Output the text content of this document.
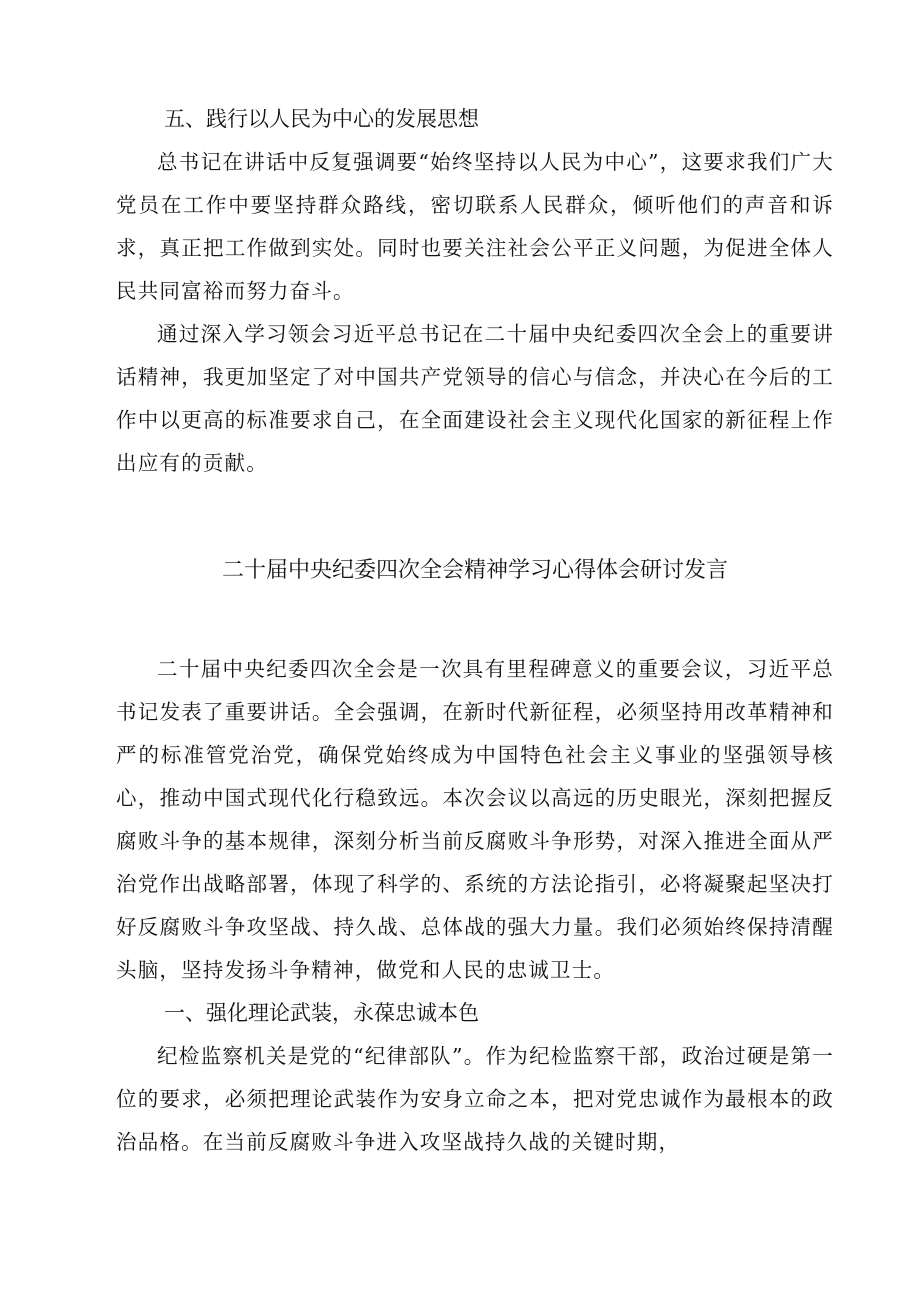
五、践行以人民为中心的发展思想

总书记在讲话中反复强调要“始终坚持以人民为中心”，这要求我们广大党员在工作中要坚持群众路线，密切联系人民群众，倾听他们的声音和诉求，真正把工作做到实处。同时也要关注社会公平正义问题，为促进全体人民共同富裕而努力奋斗。

通过深入学习领会习近平总书记在二十届中央纪委四次全会上的重要讲话精神，我更加坚定了对中国共产党领导的信心与信念，并决心在今后的工作中以更高的标准要求自己，在全面建设社会主义现代化国家的新征程上作出应有的贡献。

二十届中央纪委四次全会精神学习心得体会研讨发言

二十届中央纪委四次全会是一次具有里程碑意义的重要会议，习近平总书记发表了重要讲话。全会强调，在新时代新征程，必须坚持用改革精神和严的标准管党治党，确保党始终成为中国特色社会主义事业的坚强领导核心，推动中国式现代化行稳致远。本次会议以高远的历史眼光，深刻把握反腐败斗争的基本规律，深刻分析当前反腐败斗争形势，对深入推进全面从严治党作出战略部署，体现了科学的、系统的方法论指引，必将凝聚起坚决打好反腐败斗争攻坚战、持久战、总体战的强大力量。我们必须始终保持清醒头脑，坚持发扬斗争精神，做党和人民的忠诚卫士。

一、强化理论武装，永葆忠诚本色

纪检监察机关是党的“纪律部队”。作为纪检监察干部，政治过硬是第一位的要求，必须把理论武装作为安身立命之本，把对党忠诚作为最根本的政治品格。在当前反腐败斗争进入攻坚战持久战的关键时期，
